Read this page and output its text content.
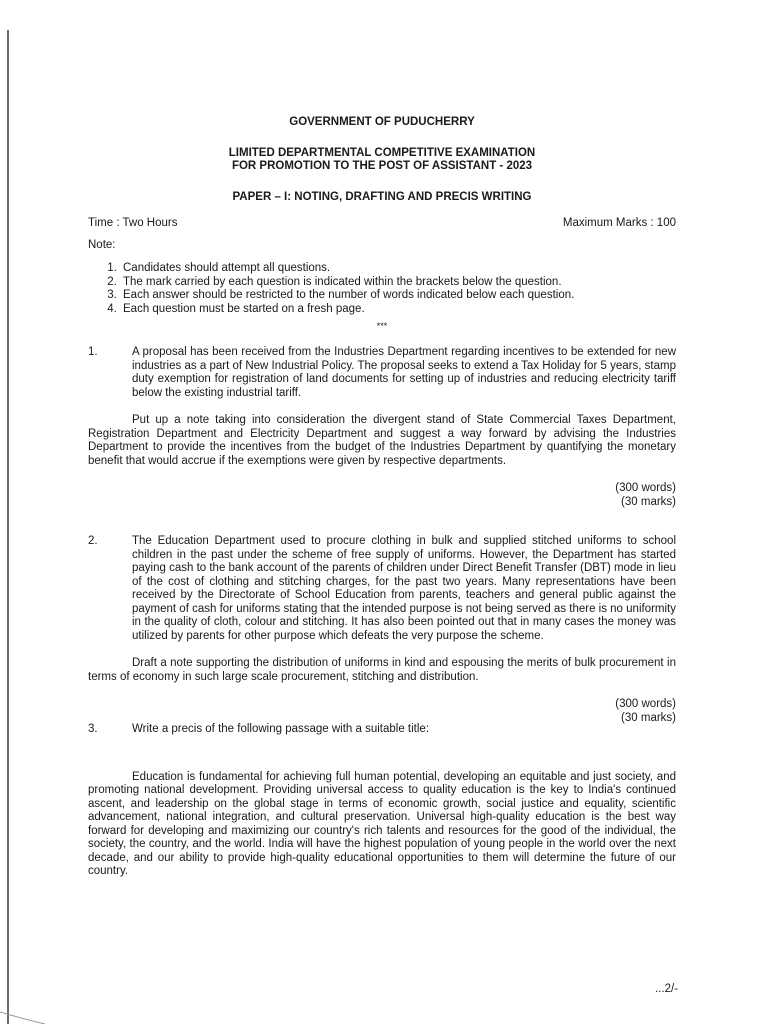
GOVERNMENT OF PUDUCHERRY
LIMITED DEPARTMENTAL COMPETITIVE EXAMINATION
FOR PROMOTION TO THE POST OF ASSISTANT - 2023
PAPER – I: NOTING, DRAFTING AND PRECIS WRITING
Time : Two Hours	Maximum Marks : 100
Note:
1. Candidates should attempt all questions.
2. The mark carried by each question is indicated within the brackets below the question.
3. Each answer should be restricted to the number of words indicated below each question.
4. Each question must be started on a fresh page.
***

1.	A proposal has been received from the Industries Department regarding incentives to be extended for new industries as a part of New Industrial Policy. The proposal seeks to extend a Tax Holiday for 5 years, stamp duty exemption for registration of land documents for setting up of industries and reducing electricity tariff below the existing industrial tariff.

Put up a note taking into consideration the divergent stand of State Commercial Taxes Department, Registration Department and Electricity Department and suggest a way forward by advising the Industries Department to provide the incentives from the budget of the Industries Department by quantifying the monetary benefit that would accrue if the exemptions were given by respective departments.

(300 words)
(30 marks)

2.	The Education Department used to procure clothing in bulk and supplied stitched uniforms to school children in the past under the scheme of free supply of uniforms. However, the Department has started paying cash to the bank account of the parents of children under Direct Benefit Transfer (DBT) mode in lieu of the cost of clothing and stitching charges, for the past two years. Many representations have been received by the Directorate of School Education from parents, teachers and general public against the payment of cash for uniforms stating that the intended purpose is not being served as there is no uniformity in the quality of cloth, colour and stitching. It has also been pointed out that in many cases the money was utilized by parents for other purpose which defeats the very purpose the scheme.

Draft a note supporting the distribution of uniforms in kind and espousing the merits of bulk procurement in terms of economy in such large scale procurement, stitching and distribution.

(300 words)
(30 marks)

3.	Write a precis of the following passage with a suitable title:

Education is fundamental for achieving full human potential, developing an equitable and just society, and promoting national development. Providing universal access to quality education is the key to India's continued ascent, and leadership on the global stage in terms of economic growth, social justice and equality, scientific advancement, national integration, and cultural preservation. Universal high-quality education is the best way forward for developing and maximizing our country's rich talents and resources for the good of the individual, the society, the country, and the world. India will have the highest population of young people in the world over the next decade, and our ability to provide high-quality educational opportunities to them will determine the future of our country.

...2/-
